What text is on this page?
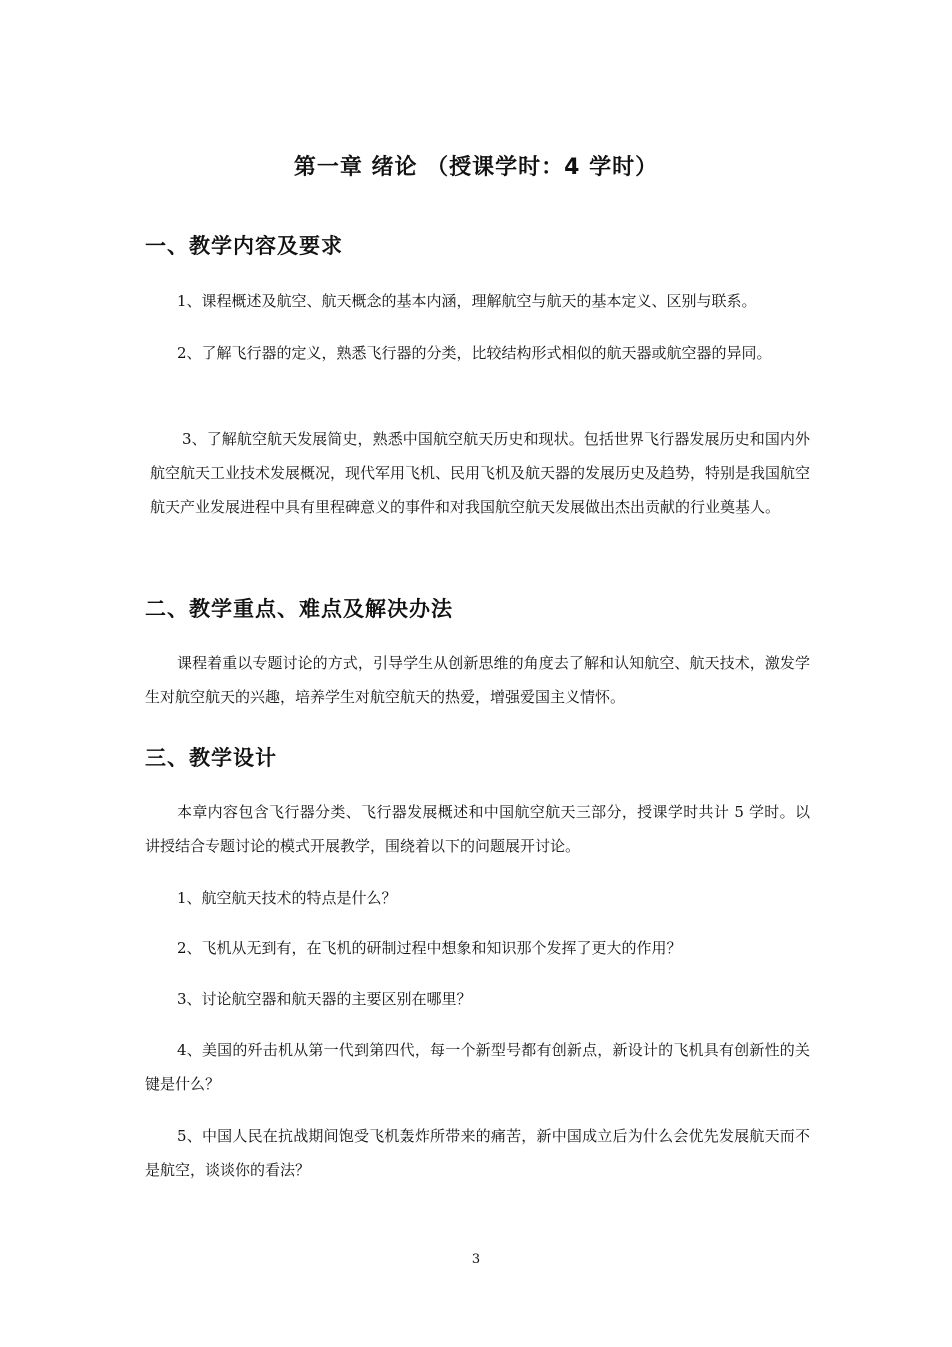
第一章 绪论 （授课学时：4 学时）
一、教学内容及要求

1、课程概述及航空、航天概念的基本内涵，理解航空与航天的基本定义、区别与联系。

2、了解飞行器的定义，熟悉飞行器的分类，比较结构形式相似的航天器或航空器的异同。

3、了解航空航天发展简史，熟悉中国航空航天历史和现状。包括世界飞行器发展历史和国内外航空航天工业技术发展概况，现代军用飞机、民用飞机及航天器的发展历史及趋势，特别是我国航空航天产业发展进程中具有里程碑意义的事件和对我国航空航天发展做出杰出贡献的行业奠基人。

二、教学重点、难点及解决办法

课程着重以专题讨论的方式，引导学生从创新思维的角度去了解和认知航空、航天技术，激发学生对航空航天的兴趣，培养学生对航空航天的热爱，增强爱国主义情怀。

三、教学设计

本章内容包含飞行器分类、飞行器发展概述和中国航空航天三部分，授课学时共计 5 学时。以讲授结合专题讨论的模式开展教学，围绕着以下的问题展开讨论。

1、航空航天技术的特点是什么？

2、飞机从无到有，在飞机的研制过程中想象和知识那个发挥了更大的作用？

3、讨论航空器和航天器的主要区别在哪里？

4、美国的歼击机从第一代到第四代，每一个新型号都有创新点，新设计的飞机具有创新性的关键是什么？

5、中国人民在抗战期间饱受飞机轰炸所带来的痛苦，新中国成立后为什么会优先发展航天而不是航空，谈谈你的看法？

3
